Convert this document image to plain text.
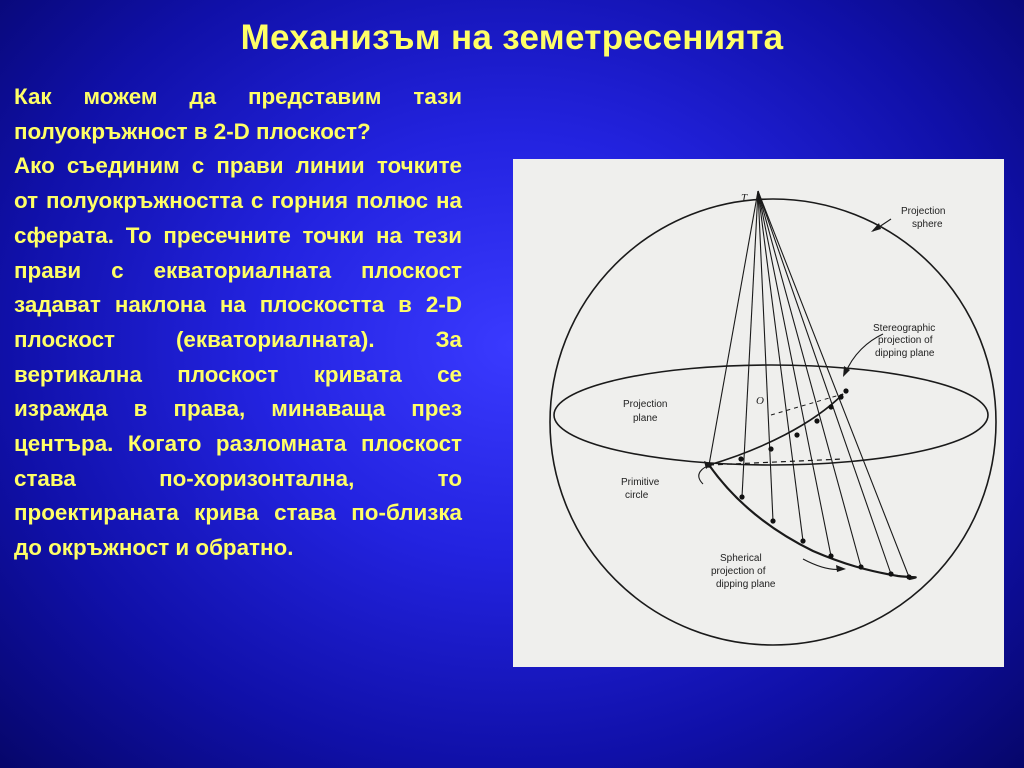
Механизъм на земетресенията

Как можем да представим тази полуокръжност в 2-D плоскост?

Ако съединим с прави линии точките от полуокръжността с горния полюс на сферата. То пресечните точки на тези прави с екваториалната плоскост задават наклона на плоскостта в 2-D плоскост (екваториалната). За вертикална плоскост кривата се изражда в права, минаваща през центъра. Когато разломната плоскост става по-хоризонтална, то проектираната крива става по-близка до окръжност и обратно.

T
O
Projection
sphere
Stereographic
projection of
dipping plane
Projection
plane
Primitive
circle
Spherical
projection of
dipping plane
